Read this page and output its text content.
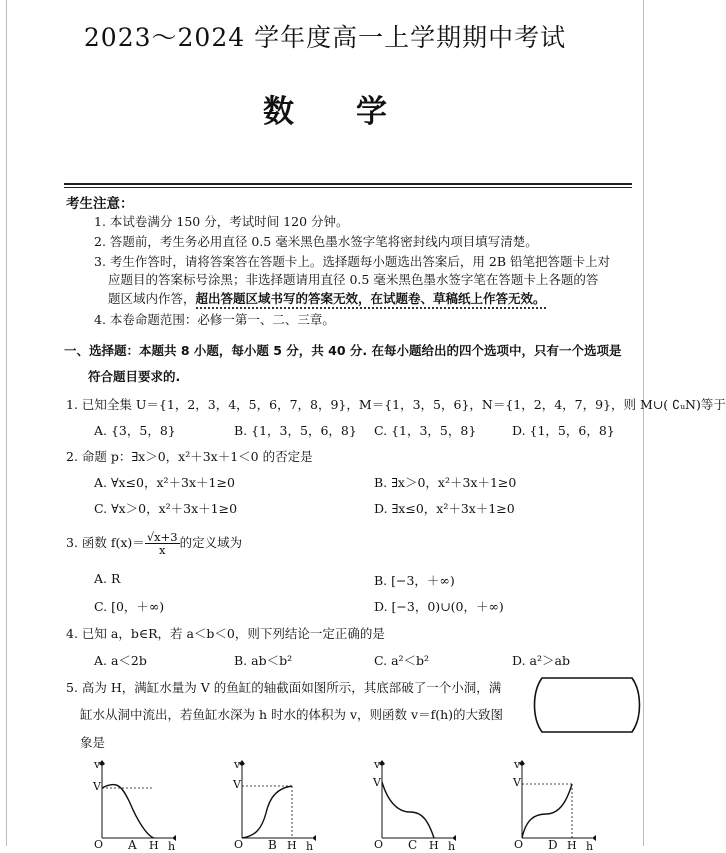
2023～2024 学年度高一上学期期中考试
数学
考生注意：
1. 本试卷满分 150 分，考试时间 120 分钟。
2. 答题前，考生务必用直径 0.5 毫米黑色墨水签字笔将密封线内项目填写清楚。
3. 考生作答时，请将答案答在答题卡上。选择题每小题选出答案后，用 2B 铅笔把答题卡上对
应题目的答案标号涂黑；非选择题请用直径 0.5 毫米黑色墨水签字笔在答题卡上各题的答
题区域内作答，超出答题区域书写的答案无效，在试题卷、草稿纸上作答无效。
4. 本卷命题范围：必修一第一、二、三章。
一、选择题：本题共 8 小题，每小题 5 分，共 40 分. 在每小题给出的四个选项中，只有一个选项是
符合题目要求的.
1. 已知全集 U＝{1，2，3，4，5，6，7，8，9}，M＝{1，3，5，6}，N＝{1，2，4，7，9}，则 M∪( ∁ᵤN)等于
A. {3，5，8}	B. {1，3，5，6，8} C. {1，3，5，8}	D. {1，5，6，8}
2. 命题 p：∃x＞0，x²＋3x＋1＜0 的否定是
A. ∀x≤0，x²＋3x＋1≥0	B. ∃x＞0，x²＋3x＋1≥0
C. ∀x＞0，x²＋3x＋1≥0	D. ∃x≤0，x²＋3x＋1≥0
3. 函数 $f(x)= \frac{√x+3}{x}$ 的定义域为
A. R	B. [−3，＋∞)
C. [0，＋∞)	D. [−3，0)∪(0，＋∞)
4. 已知 a，b∈R，若 a＜b＜0，则下列结论一定正确的是
A. a＜2b	B. ab＜b²	C. a²＜b²	D. a²＞ab
5. 高为 H，满缸水量为 V 的鱼缸的轴截面如图所示，其底部破了一个小洞，满
缸水从洞中流出，若鱼缸水深为 h 时水的体积为 v，则函数 v＝f(h)的大致图
象是
v
V
O	H h
v
V
O	H h
v
V
O	H h
v
V
O	H h
A	B	C	D
